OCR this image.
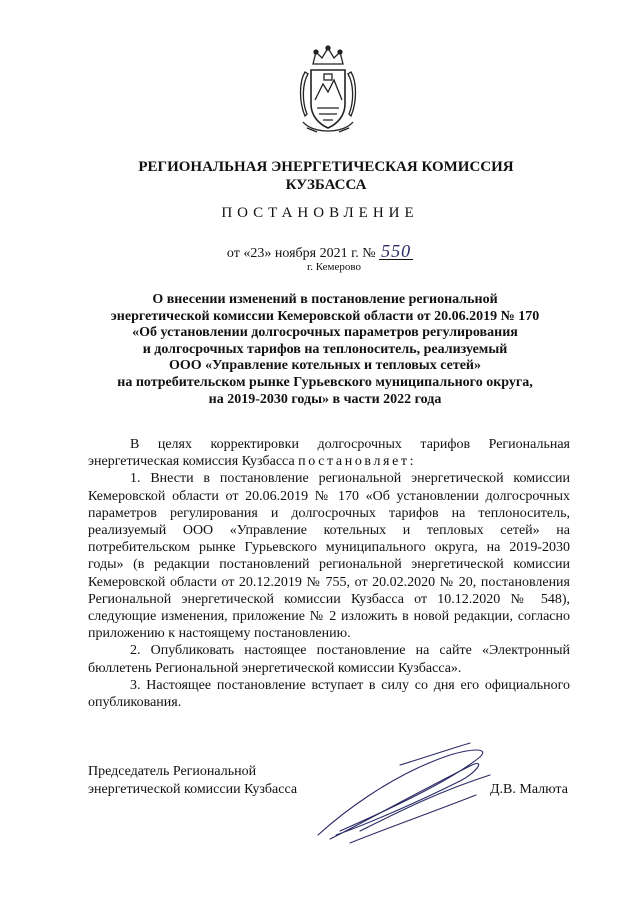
РЕГИОНАЛЬНАЯ ЭНЕРГЕТИЧЕСКАЯ КОМИССИЯ
КУЗБАССА
ПОСТАНОВЛЕНИЕ
от «23» ноября 2021 г. № 550
г. Кемерово
О внесении изменений в постановление региональной
энергетической комиссии Кемеровской области от 20.06.2019 № 170
«Об установлении долгосрочных параметров регулирования
и долгосрочных тарифов на теплоноситель, реализуемый
ООО «Управление котельных и тепловых сетей»
на потребительском рынке Гурьевского муниципального округа,
на 2019-2030 годы» в части 2022 года

В целях корректировки долгосрочных тарифов Региональная энергетическая комиссия Кузбасса постановляет:

1. Внести в постановление региональной энергетической комиссии Кемеровской области от 20.06.2019 № 170 «Об установлении долгосрочных параметров регулирования и долгосрочных тарифов на теплоноситель, реализуемый ООО «Управление котельных и тепловых сетей» на потребительском рынке Гурьевского муниципального округа, на 2019-2030 годы» (в редакции постановлений региональной энергетической комиссии Кемеровской области от 20.12.2019 № 755, от 20.02.2020 № 20, постановления Региональной энергетической комиссии Кузбасса от 10.12.2020 № 548), следующие изменения, приложение № 2 изложить в новой редакции, согласно приложению к настоящему постановлению.

2. Опубликовать настоящее постановление на сайте «Электронный бюллетень Региональной энергетической комиссии Кузбасса».

3. Настоящее постановление вступает в силу со дня его официального опубликования.

Председатель Региональной
энергетической комиссии Кузбасса	Д.В. Малюта
